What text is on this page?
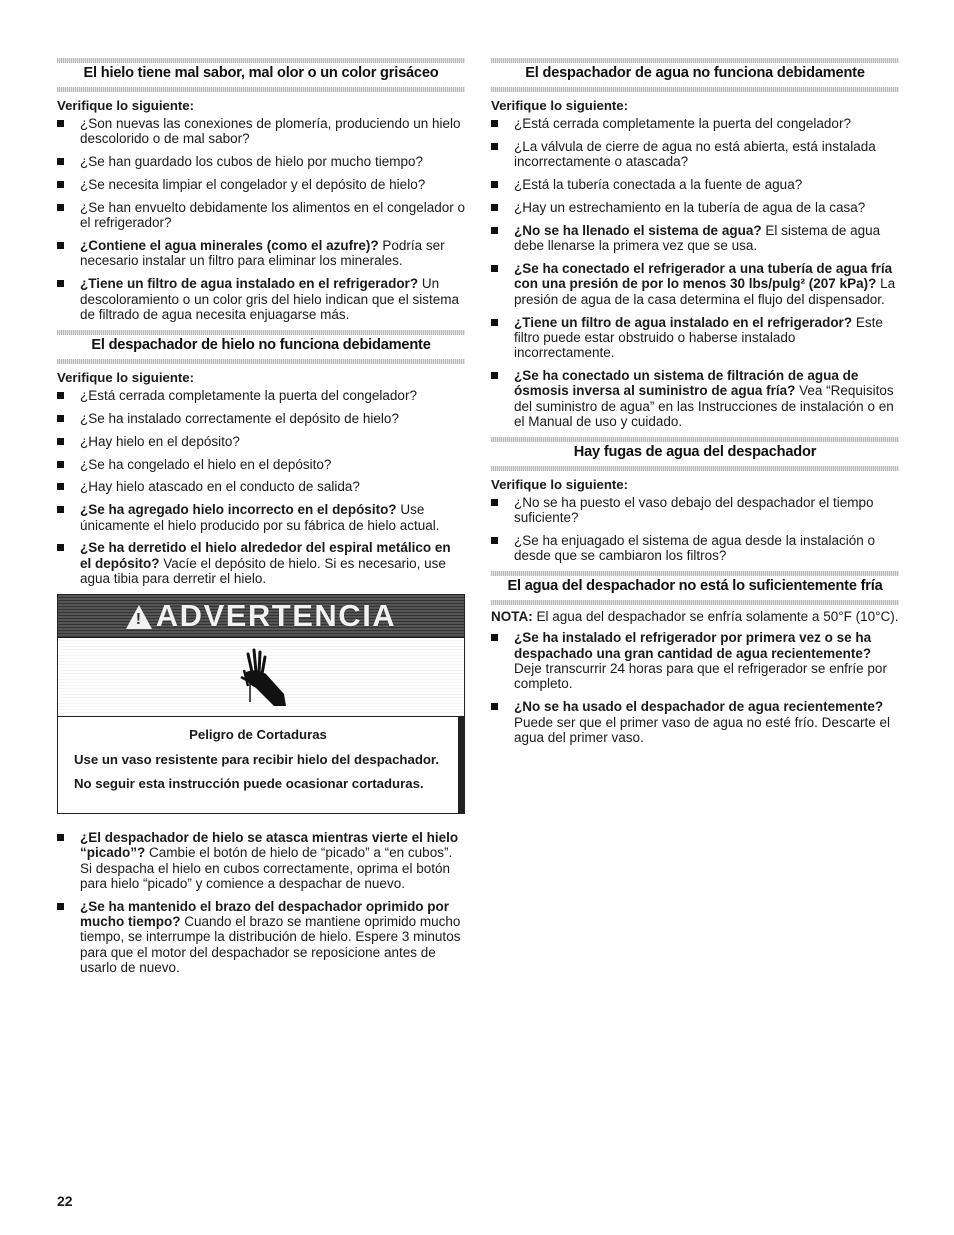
El hielo tiene mal sabor, mal olor o un color grisáceo
Verifique lo siguiente:
¿Son nuevas las conexiones de plomería, produciendo un hielo descolorido o de mal sabor?
¿Se han guardado los cubos de hielo por mucho tiempo?
¿Se necesita limpiar el congelador y el depósito de hielo?
¿Se han envuelto debidamente los alimentos en el congelador o el refrigerador?
¿Contiene el agua minerales (como el azufre)? Podría ser necesario instalar un filtro para eliminar los minerales.
¿Tiene un filtro de agua instalado en el refrigerador? Un descoloramiento o un color gris del hielo indican que el sistema de filtrado de agua necesita enjuagarse más.
El despachador de hielo no funciona debidamente
Verifique lo siguiente:
¿Está cerrada completamente la puerta del congelador?
¿Se ha instalado correctamente el depósito de hielo?
¿Hay hielo en el depósito?
¿Se ha congelado el hielo en el depósito?
¿Hay hielo atascado en el conducto de salida?
¿Se ha agregado hielo incorrecto en el depósito? Use únicamente el hielo producido por su fábrica de hielo actual.
¿Se ha derretido el hielo alrededor del espiral metálico en el depósito? Vacíe el depósito de hielo. Si es necesario, use agua tibia para derretir el hielo.
! ADVERTENCIA
Peligro de Cortaduras
Use un vaso resistente para recibir hielo del despachador.
No seguir esta instrucción puede ocasionar cortaduras.
¿El despachador de hielo se atasca mientras vierte el hielo “picado”? Cambie el botón de hielo de “picado” a “en cubos”. Si despacha el hielo en cubos correctamente, oprima el botón para hielo “picado” y comience a despachar de nuevo.
¿Se ha mantenido el brazo del despachador oprimido por mucho tiempo? Cuando el brazo se mantiene oprimido mucho tiempo, se interrumpe la distribución de hielo. Espere 3 minutos para que el motor del despachador se reposicione antes de usarlo de nuevo.
El despachador de agua no funciona debidamente
Verifique lo siguiente:
¿Está cerrada completamente la puerta del congelador?
¿La válvula de cierre de agua no está abierta, está instalada incorrectamente o atascada?
¿Está la tubería conectada a la fuente de agua?
¿Hay un estrechamiento en la tubería de agua de la casa?
¿No se ha llenado el sistema de agua? El sistema de agua debe llenarse la primera vez que se usa.
¿Se ha conectado el refrigerador a una tubería de agua fría con una presión de por lo menos 30 lbs/pulg² (207 kPa)? La presión de agua de la casa determina el flujo del dispensador.
¿Tiene un filtro de agua instalado en el refrigerador? Este filtro puede estar obstruido o haberse instalado incorrectamente.
¿Se ha conectado un sistema de filtración de agua de ósmosis inversa al suministro de agua fría? Vea “Requisitos del suministro de agua” en las Instrucciones de instalación o en el Manual de uso y cuidado.
Hay fugas de agua del despachador
Verifique lo siguiente:
¿No se ha puesto el vaso debajo del despachador el tiempo suficiente?
¿Se ha enjuagado el sistema de agua desde la instalación o desde que se cambiaron los filtros?
El agua del despachador no está lo suficientemente fría
NOTA: El agua del despachador se enfría solamente a 50°F (10°C).
¿Se ha instalado el refrigerador por primera vez o se ha despachado una gran cantidad de agua recientemente? Deje transcurrir 24 horas para que el refrigerador se enfríe por completo.
¿No se ha usado el despachador de agua recientemente? Puede ser que el primer vaso de agua no esté frío. Descarte el agua del primer vaso.
22
